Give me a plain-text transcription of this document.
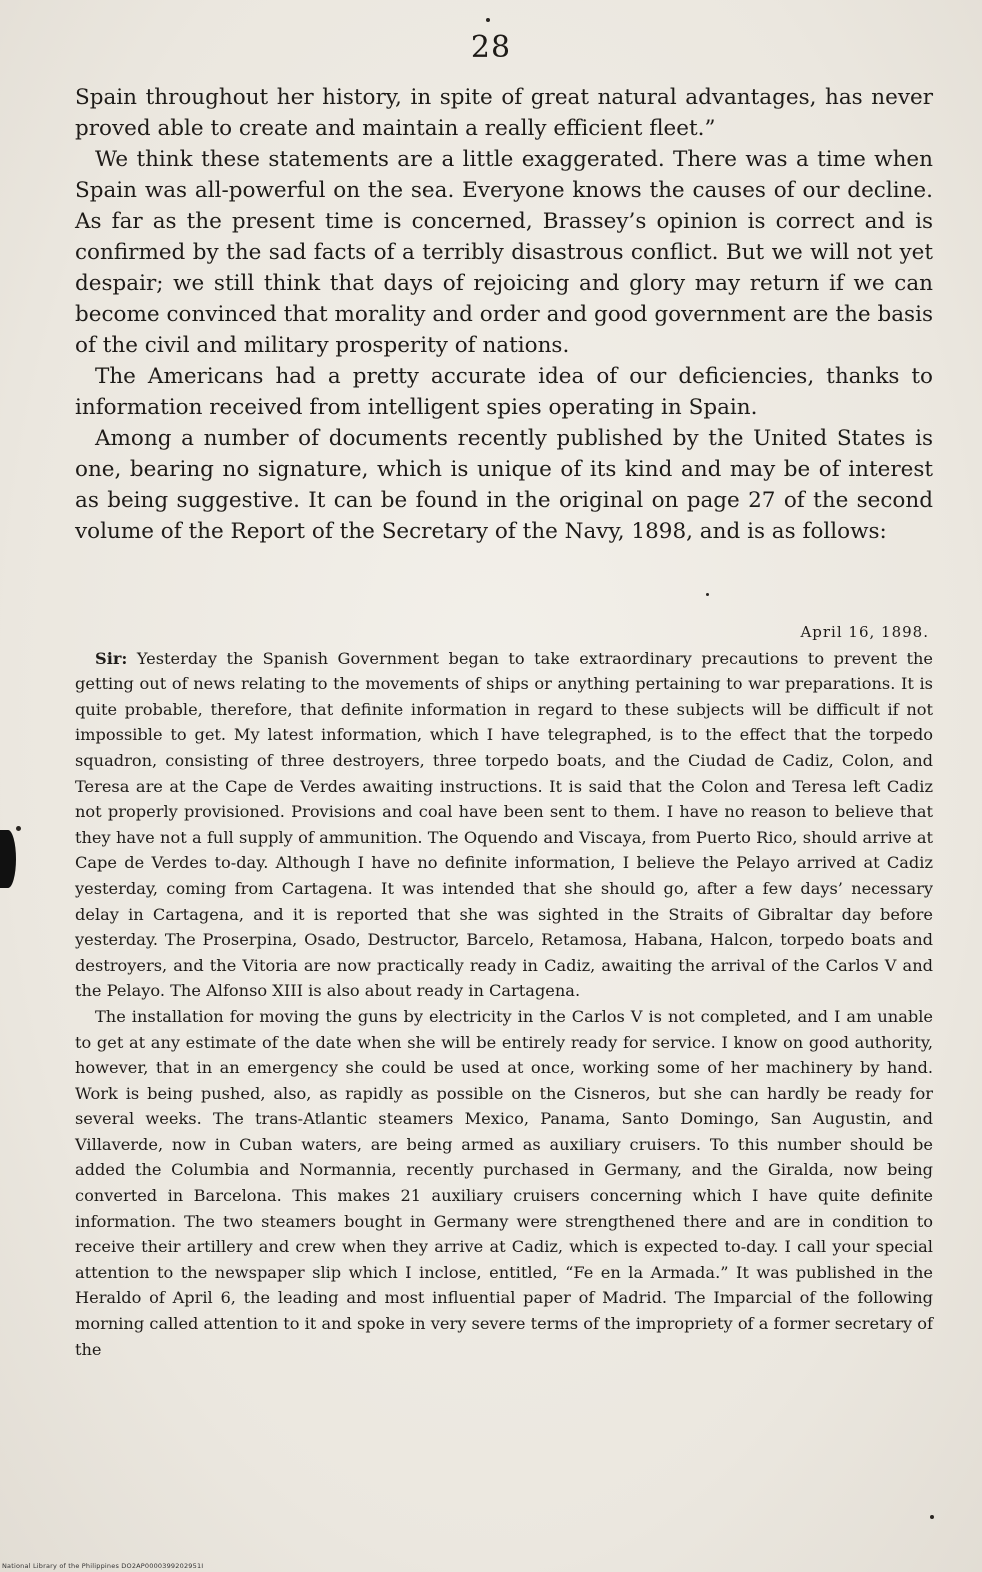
28

Spain throughout her history, in spite of great natural advantages, has never proved able to create and maintain a really efficient fleet.”

We think these statements are a little exaggerated. There was a time when Spain was all-powerful on the sea. Everyone knows the causes of our decline. As far as the present time is concerned, Brassey’s opinion is correct and is confirmed by the sad facts of a terribly disastrous conflict. But we will not yet despair; we still think that days of rejoicing and glory may return if we can become convinced that morality and order and good government are the basis of the civil and military prosperity of nations.

The Americans had a pretty accurate idea of our deficiencies, thanks to information received from intelligent spies operating in Spain.

Among a number of documents recently published by the United States is one, bearing no signature, which is unique of its kind and may be of interest as being suggestive. It can be found in the original on page 27 of the second volume of the Report of the Secretary of the Navy, 1898, and is as follows:

April 16, 1898.

Sir: Yesterday the Spanish Government began to take extraordinary precautions to prevent the getting out of news relating to the movements of ships or anything pertaining to war preparations. It is quite probable, therefore, that definite information in regard to these subjects will be difficult if not impossible to get. My latest information, which I have telegraphed, is to the effect that the torpedo squadron, consisting of three destroyers, three torpedo boats, and the Ciudad de Cadiz, Colon, and Teresa are at the Cape de Verdes awaiting instructions. It is said that the Colon and Teresa left Cadiz not properly provisioned. Provisions and coal have been sent to them. I have no reason to believe that they have not a full supply of ammunition. The Oquendo and Viscaya, from Puerto Rico, should arrive at Cape de Verdes to-day. Although I have no definite information, I believe the Pelayo arrived at Cadiz yesterday, coming from Cartagena. It was intended that she should go, after a few days’ necessary delay in Cartagena, and it is reported that she was sighted in the Straits of Gibraltar day before yesterday. The Proserpina, Osado, Destructor, Barcelo, Retamosa, Habana, Halcon, torpedo boats and destroyers, and the Vitoria are now practically ready in Cadiz, awaiting the arrival of the Carlos V and the Pelayo. The Alfonso XIII is also about ready in Cartagena.

The installation for moving the guns by electricity in the Carlos V is not completed, and I am unable to get at any estimate of the date when she will be entirely ready for service. I know on good authority, however, that in an emergency she could be used at once, working some of her machinery by hand. Work is being pushed, also, as rapidly as possible on the Cisneros, but she can hardly be ready for several weeks. The trans-Atlantic steamers Mexico, Panama, Santo Domingo, San Augustin, and Villaverde, now in Cuban waters, are being armed as auxiliary cruisers. To this number should be added the Columbia and Normannia, recently purchased in Germany, and the Giralda, now being converted in Barcelona. This makes 21 auxiliary cruisers concerning which I have quite definite information. The two steamers bought in Germany were strengthened there and are in condition to receive their artillery and crew when they arrive at Cadiz, which is expected to-day. I call your special attention to the newspaper slip which I inclose, entitled, “Fe en la Armada.” It was published in the Heraldo of April 6, the leading and most influential paper of Madrid. The Imparcial of the following morning called attention to it and spoke in very severe terms of the impropriety of a former secretary of the

National Library of the Philippines DO2AP0000399202951I
